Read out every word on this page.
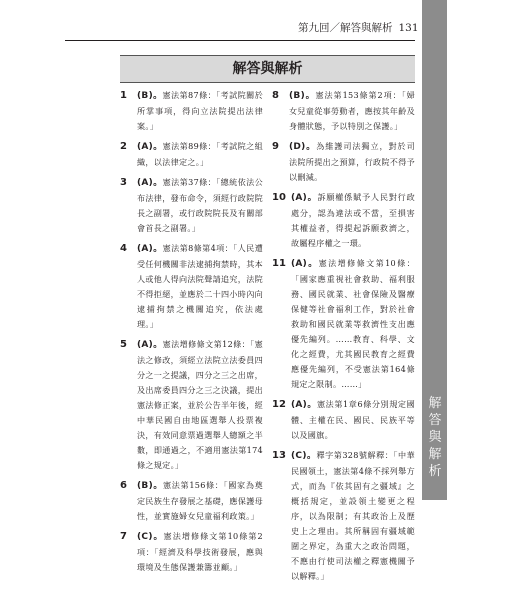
第九回／解答與解析 131
解答與解析
解答與解析
1 (B)。憲法第87條：「考試院關於所掌事項，得向立法院提出法律案。」
2 (A)。憲法第89條：「考試院之組織，以法律定之。」
3 (A)。憲法第37條：「總統依法公布法律，發布命令，須經行政院院長之副署，或行政院院長及有關部會首長之副署。」
4 (A)。憲法第8條第4項：「人民遭受任何機關非法逮捕拘禁時，其本人或他人得向法院聲請追究，法院不得拒絕，並應於二十四小時內向逮捕拘禁之機關追究，依法處理。」
5 (A)。憲法增修條文第12條：「憲法之修改，須經立法院立法委員四分之一之提議，四分之三之出席，及出席委員四分之三之決議，提出憲法修正案，並於公告半年後，經中華民國自由地區選舉人投票複決，有效同意票過選舉人總額之半數，即通過之，不適用憲法第174條之規定。」
6 (B)。憲法第156條：「國家為奠定民族生存發展之基礎，應保護母性，並實施婦女兒童福利政策。」
7 (C)。憲法增修條文第10條第2項：「經濟及科學技術發展，應與環境及生態保護兼籌並顧。」
8 (B)。憲法第153條第2項：「婦女兒童從事勞動者，應按其年齡及身體狀態，予以特別之保護。」
9 (D)。為維護司法獨立，對於司法院所提出之預算，行政院不得予以刪減。
10 (A)。訴願權係賦予人民對行政處分，認為違法或不當，至損害其權益者，得提起訴願救濟之，故屬程序權之一環。
11 (A)。憲法增修條文第10條：「國家應重視社會救助、福利服務、國民就業、社會保險及醫療保健等社會福利工作，對於社會救助和國民就業等救濟性支出應優先編列。……教育、科學、文化之經費，尤其國民教育之經費應優先編列，不受憲法第164條規定之限制。……」
12 (A)。憲法第1章6條分別規定國體、主權在民、國民、民族平等以及國旗。
13 (C)。釋字第328號解釋：「中華民國領土，憲法第4條不採列舉方式，而為『依其固有之疆域』之概括規定，並設領土變更之程序，以為限制；有其政治上及歷史上之理由。其所稱固有疆域範圍之界定，為重大之政治問題，不應由行使司法權之釋憲機關予以解釋。」
